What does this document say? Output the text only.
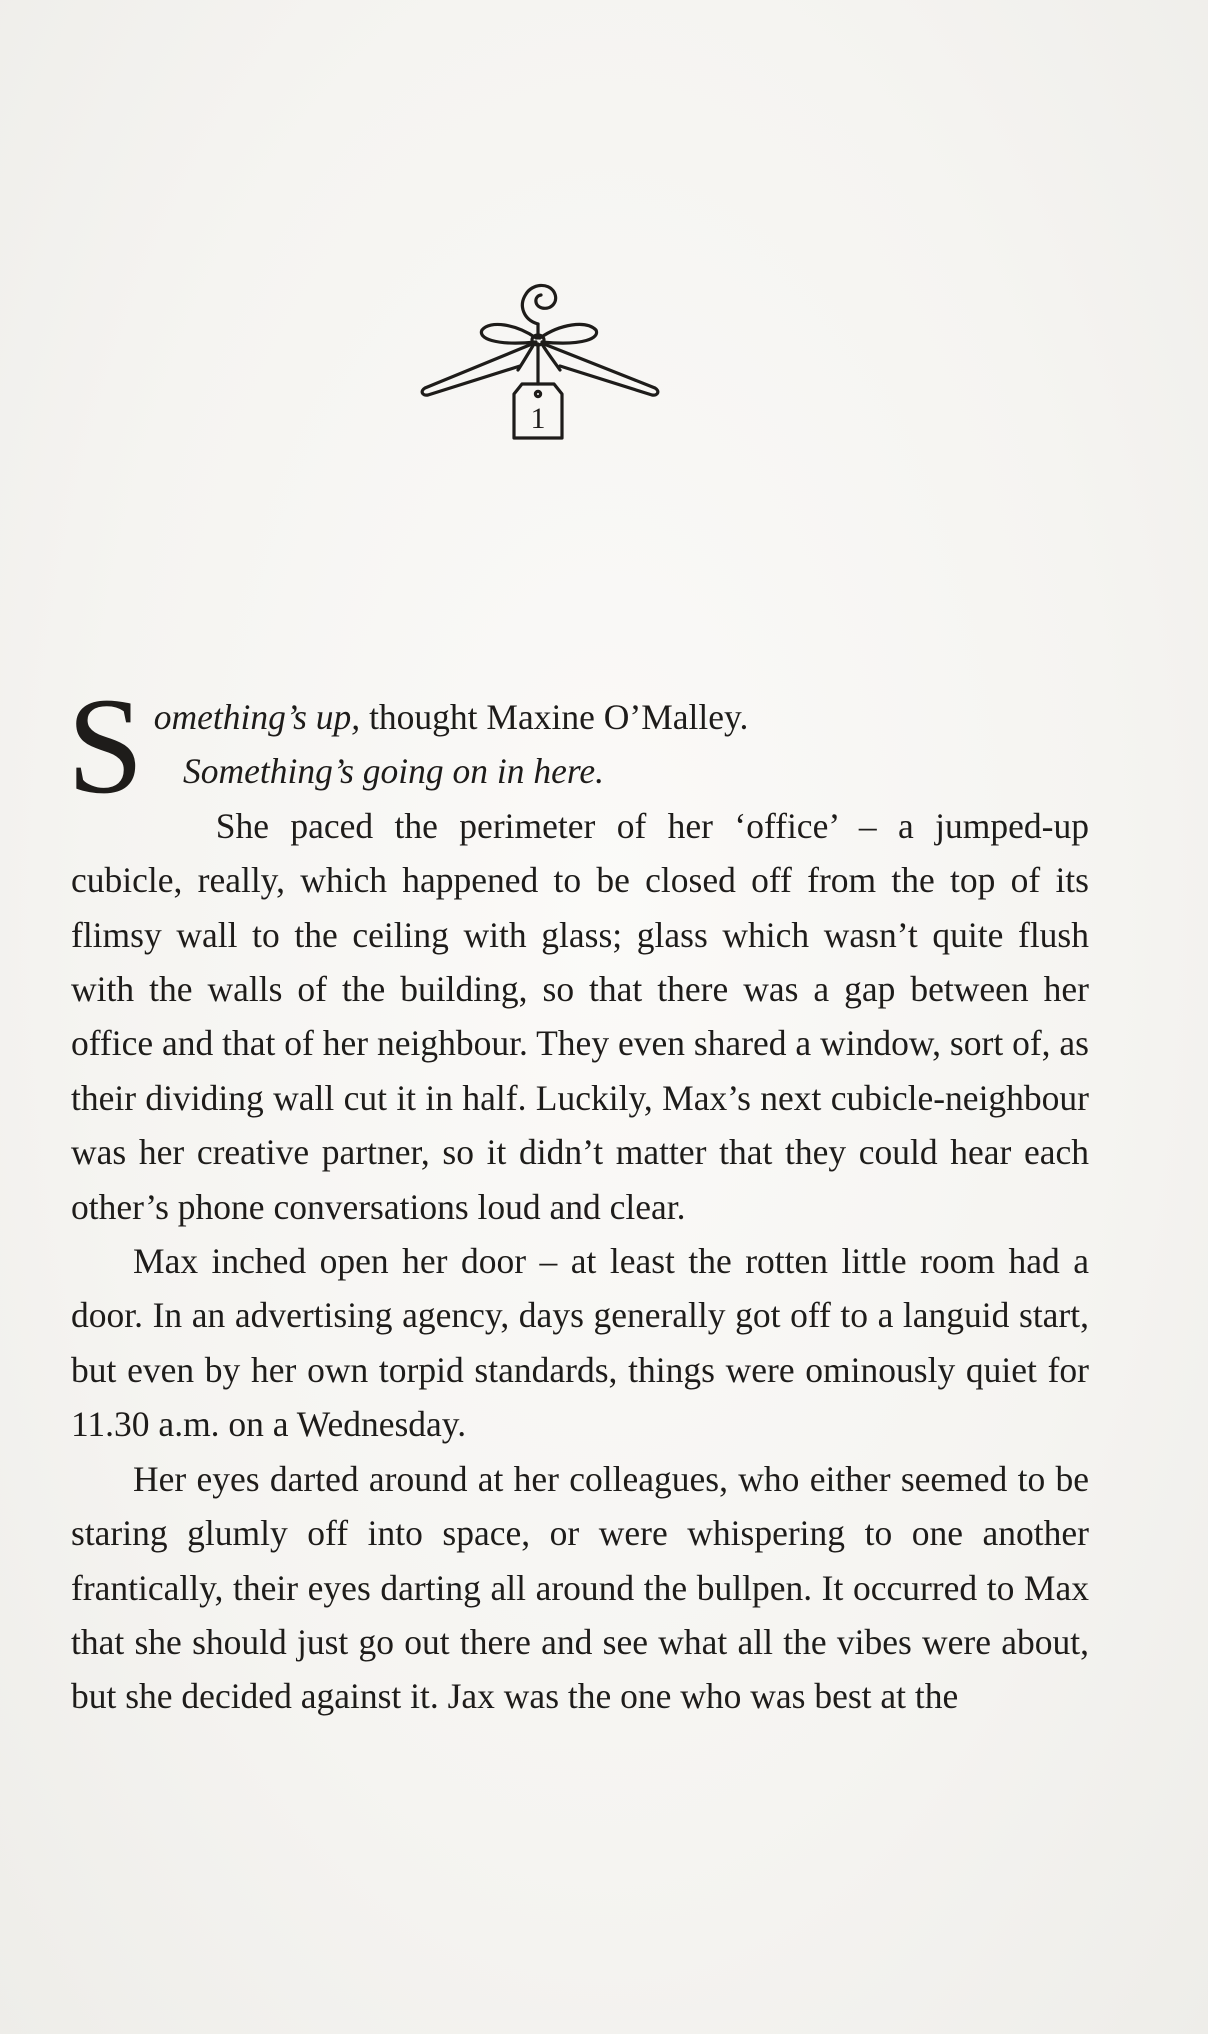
1

Something’s up, thought Maxine O’Malley.
Something’s going on in here.

She paced the perimeter of her ‘office’ – a jumped-up cubicle, really, which happened to be closed off from the top of its flimsy wall to the ceiling with glass; glass which wasn’t quite flush with the walls of the building, so that there was a gap between her office and that of her neighbour. They even shared a window, sort of, as their dividing wall cut it in half. Luckily, Max’s next cubicle-neighbour was her creative partner, so it didn’t matter that they could hear each other’s phone conversations loud and clear.

Max inched open her door – at least the rotten little room had a door. In an advertising agency, days generally got off to a languid start, but even by her own torpid standards, things were ominously quiet for 11.30 a.m. on a Wednesday.

Her eyes darted around at her colleagues, who either seemed to be staring glumly off into space, or were whispering to one another frantically, their eyes darting all around the bullpen. It occurred to Max that she should just go out there and see what all the vibes were about, but she decided against it. Jax was the one who was best at the
